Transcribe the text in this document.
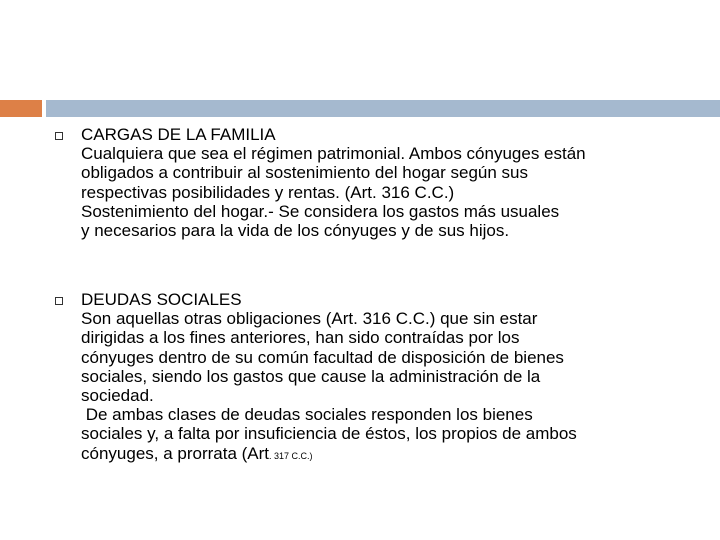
CARGAS DE LA FAMILIA
Cualquiera que sea el régimen patrimonial. Ambos cónyuges están
obligados a contribuir al sostenimiento del hogar según sus
respectivas posibilidades y rentas. (Art. 316 C.C.)
Sostenimiento del hogar.- Se considera los gastos más usuales
y necesarios para la vida de los cónyuges y de sus hijos.
DEUDAS SOCIALES
Son aquellas otras obligaciones (Art. 316 C.C.) que sin estar
dirigidas a los fines anteriores, han sido contraídas por los
cónyuges dentro de su común facultad de disposición de bienes
sociales, siendo los gastos que cause la administración de la
sociedad.
De ambas clases de deudas sociales responden los bienes
sociales y, a falta por insuficiencia de éstos, los propios de ambos
cónyuges, a prorrata (Art. 317 C.C.)
